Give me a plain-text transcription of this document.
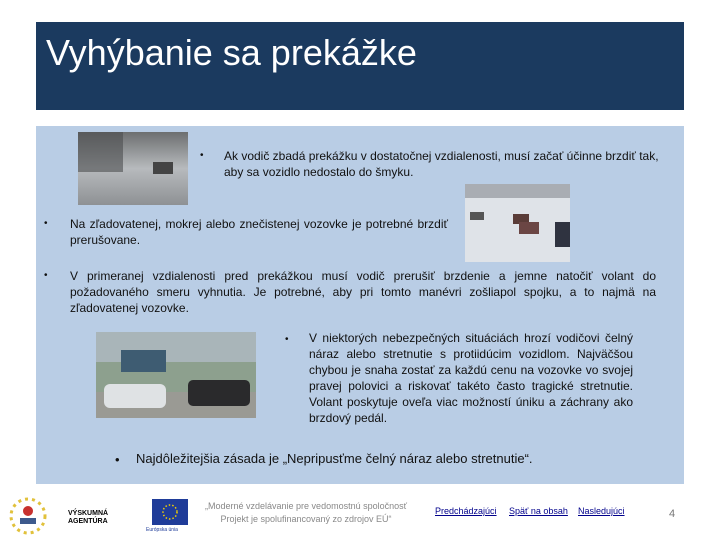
Vyhýbanie sa prekážke
• Ak vodič zbadá prekážku v dostatočnej vzdialenosti, musí začať účinne brzdiť tak, aby sa vozidlo nedostalo do šmyku.
• Na zľadovatenej, mokrej alebo znečistenej vozovke je potrebné brzdiť prerušovane.
• V primeranej vzdialenosti pred prekážkou musí vodič prerušiť brzdenie a jemne natočiť volant do požadovaného smeru vyhnutia. Je potrebné, aby pri tomto manévri zošliapol spojku, a to najmä na zľadovatenej vozovke.
• V niektorých nebezpečných situáciách hrozí vodičovi čelný náraz alebo stretnutie s protiidúcim vozidlom. Najväčšou chybou je snaha zostať za každú cenu na vozovke vo svojej pravej polovici a riskovať takéto často tragické stretnutie. Volant poskytuje oveľa viac možností úniku a záchrany ako brzdový pedál.
• Najdôležitejšia zásada je „Nepripusťme čelný náraz alebo stretnutie“.
VÝSKUMNÁ AGENTÚRA
Európska únia
„Moderné vzdelávanie pre vedomostnú spoločnosť
Projekt je spolufinancovaný zo zdrojov EÚ“
Predchádzajúci Späť na obsah Nasledujúci	4
